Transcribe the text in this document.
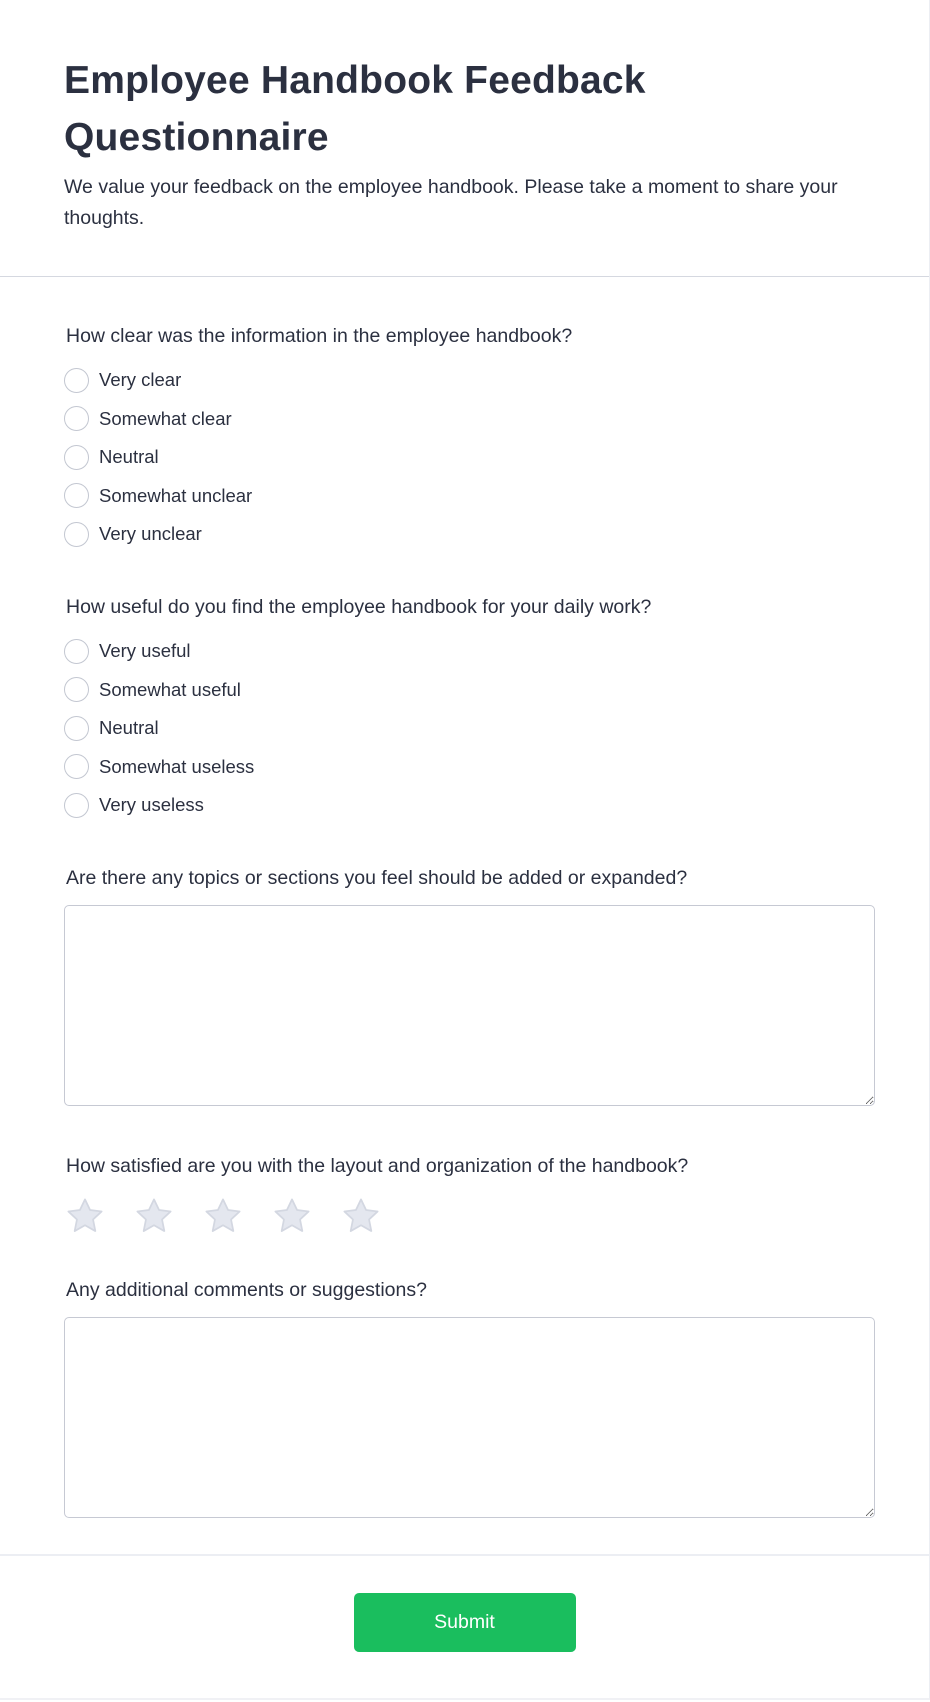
Employee Handbook Feedback Questionnaire

We value your feedback on the employee handbook. Please take a moment to share your thoughts.

How clear was the information in the employee handbook?
Very clear
Somewhat clear
Neutral
Somewhat unclear
Very unclear
How useful do you find the employee handbook for your daily work?
Very useful
Somewhat useful
Neutral
Somewhat useless
Very useless
Are there any topics or sections you feel should be added or expanded?
How satisfied are you with the layout and organization of the handbook?
Any additional comments or suggestions?
Submit
